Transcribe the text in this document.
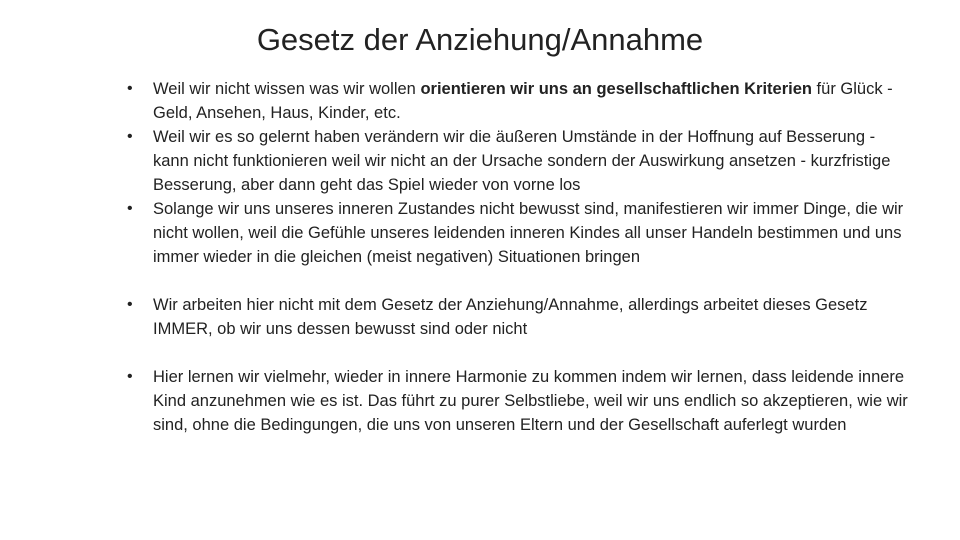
Gesetz der Anziehung/Annahme
•	Weil wir nicht wissen was wir wollen orientieren wir uns an gesellschaftlichen Kriterien für Glück - Geld, Ansehen, Haus, Kinder, etc.
•	Weil wir es so gelernt haben verändern wir die äußeren Umstände in der Hoffnung auf Besserung - kann nicht funktionieren weil wir nicht an der Ursache sondern der Auswirkung ansetzen - kurzfristige Besserung, aber dann geht das Spiel wieder von vorne los
•	Solange wir uns unseres inneren Zustandes nicht bewusst sind, manifestieren wir immer Dinge, die wir nicht wollen, weil die Gefühle unseres leidenden inneren Kindes all unser Handeln bestimmen und uns immer wieder in die gleichen (meist negativen) Situationen bringen
•	Wir arbeiten hier nicht mit dem Gesetz der Anziehung/Annahme, allerdings arbeitet dieses Gesetz IMMER, ob wir uns dessen bewusst sind oder nicht
•	Hier lernen wir vielmehr, wieder in innere Harmonie zu kommen indem wir lernen, dass leidende innere Kind anzunehmen wie es ist. Das führt zu purer Selbstliebe, weil wir uns endlich so akzeptieren, wie wir sind, ohne die Bedingungen, die uns von unseren Eltern und der Gesellschaft auferlegt wurden
